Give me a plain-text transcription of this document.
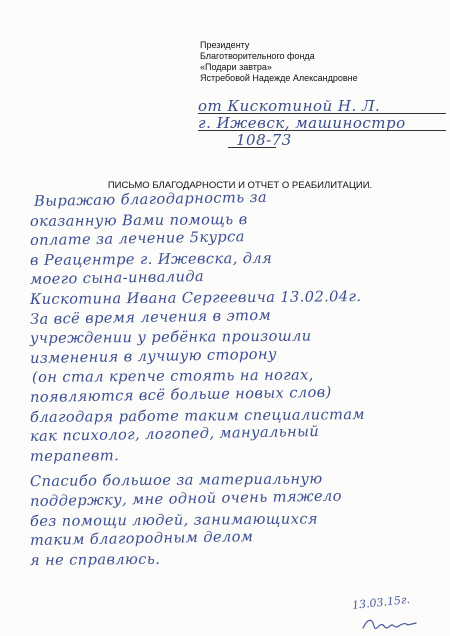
Президенту
Благотворительного фонда
«Подари завтра»
Ястребовой Надежде Александровне
от Кискотиной Н. Л.
г. Ижевск, машиностро
108-73
ПИСЬМО БЛАГОДАРНОСТИ И ОТЧЕТ О РЕАБИЛИТАЦИИ.
Выражаю благодарность за
оказанную Вами помощь в
оплате за лечение 5курса
в Реацентре г. Ижевска, для
моего сына-инвалида
Кискотина Ивана Сергеевича 13.02.04г.
За всё время лечения в этом
учреждении у ребёнка произошли
изменения в лучшую сторону
(он стал крепче стоять на ногах,
появляются всё больше новых слов)
благодаря работе таким специалистам
как психолог, логопед, мануальный
терапевт.
Спасибо большое за материальную
поддержку, мне одной очень тяжело
без помощи людей, занимающихся
таким благородным делом
я не справлюсь.
13.03.15г.
